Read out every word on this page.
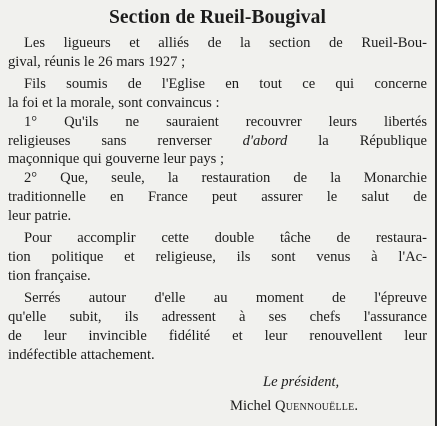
Section de Rueil-Bougival
Les ligueurs et alliés de la section de Rueil-Bou-
gival, réunis le 26 mars 1927 ;
Fils soumis de l'Eglise en tout ce qui concerne
la foi et la morale, sont convaincus :
1° Qu'ils ne sauraient recouvrer leurs libertés
religieuses sans renverser d'abord la République
maçonnique qui gouverne leur pays ;
2° Que, seule, la restauration de la Monarchie
traditionnelle en France peut assurer le salut de
leur patrie.
Pour accomplir cette double tâche de restaura-
tion politique et religieuse, ils sont venus à l'Ac-
tion française.
Serrés autour d'elle au moment de l'épreuve
qu'elle subit, ils adressent à ses chefs l'assurance
de leur invincible fidélité et leur renouvellent leur
indéfectible attachement.
Le président,
Michel Quennouëlle.
